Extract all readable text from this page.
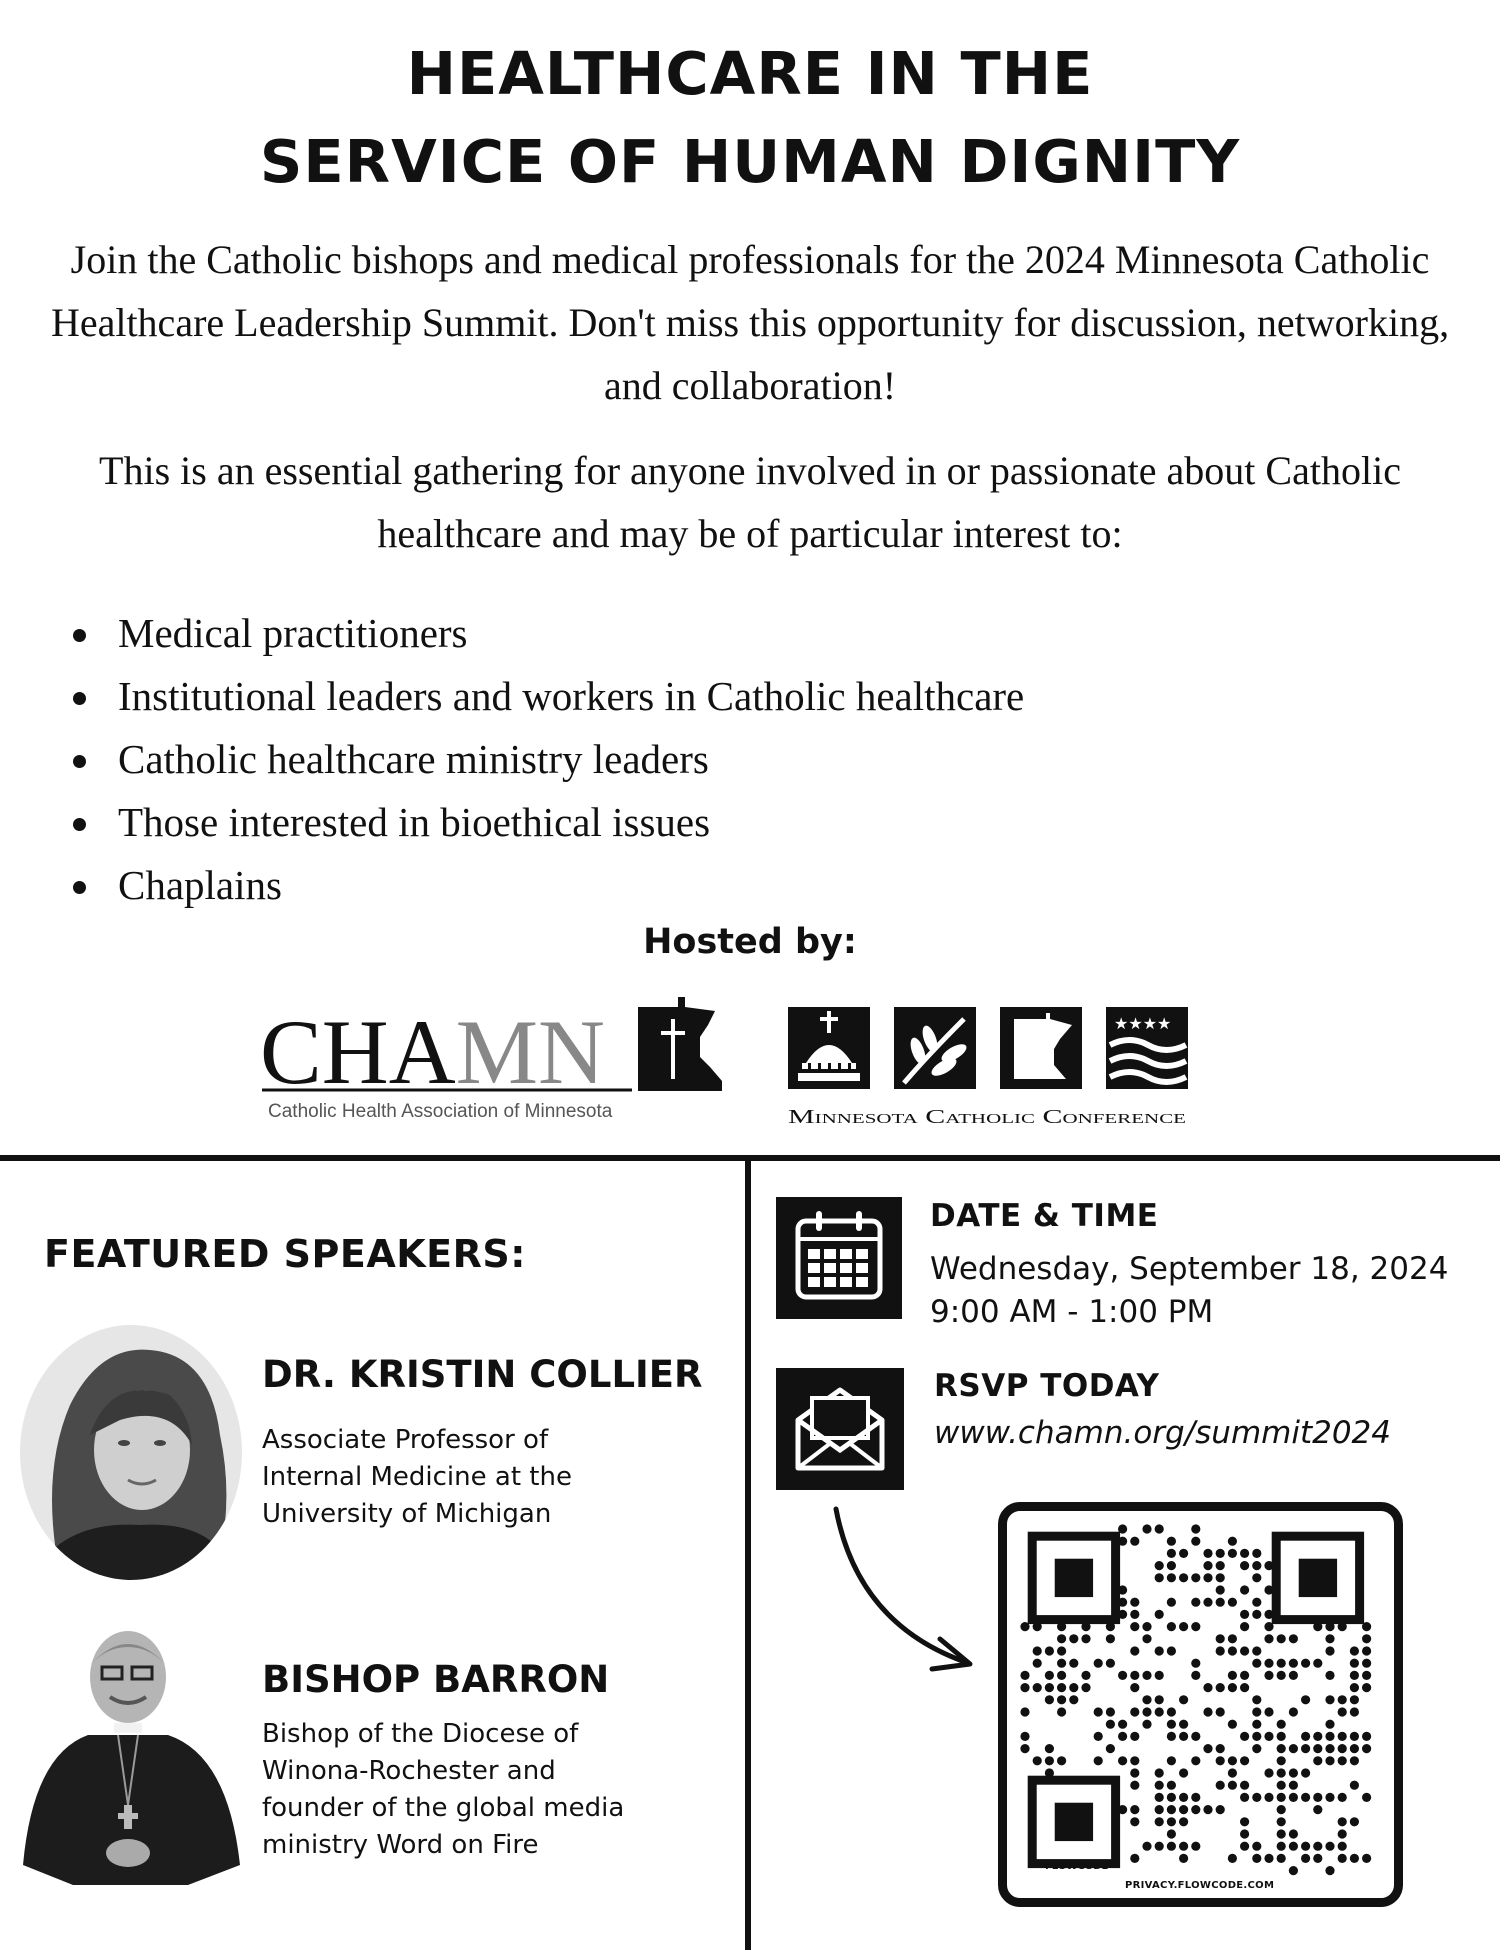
HEALTHCARE IN THE
SERVICE OF HUMAN DIGNITY

Join the Catholic bishops and medical professionals for the 2024 Minnesota Catholic Healthcare Leadership Summit. Don't miss this opportunity for discussion, networking, and collaboration!

This is an essential gathering for anyone involved in or passionate about Catholic healthcare and may be of particular interest to:

Medical practitioners
Institutional leaders and workers in Catholic healthcare
Catholic healthcare ministry leaders
Those interested in bioethical issues
Chaplains
Hosted by:
CHAMN
Catholic Health Association of Minnesota
★★★★
Minnesota Catholic Conference
FEATURED SPEAKERS:
DR. KRISTIN COLLIER
Associate Professor of
Internal Medicine at the
University of Michigan
BISHOP BARRON
Bishop of the Diocese of
Winona-Rochester and
founder of the global media
ministry Word on Fire
DATE & TIME
Wednesday, September 18, 2024
9:00 AM - 1:00 PM
RSVP TODAY
www.chamn.org/summit2024
FLOWCODE
PRIVACY.FLOWCODE.COM
